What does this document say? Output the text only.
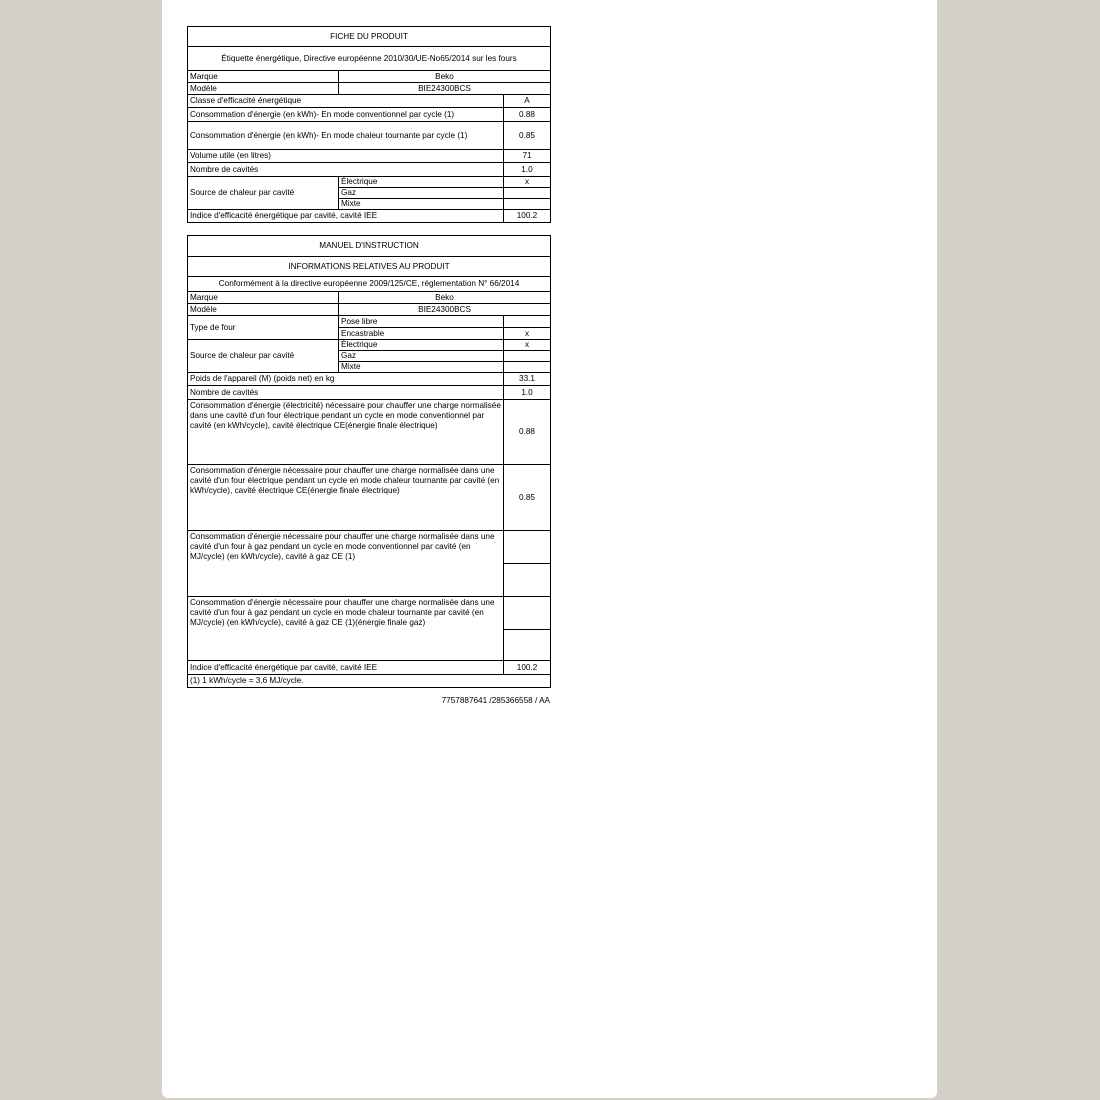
FICHE DU PRODUIT		
Étiquette énergétique, Directive européenne 2010/30/UE-No65/2014 sur les fours		
Marque	Beko	
Modèle	BIE24300BCS	
Classe d'efficacité énergétique		A
Consommation d'énergie (en kWh)- En mode conventionnel par cycle (1)		0.88
Consommation d'énergie (en kWh)- En mode chaleur tournante par cycle (1)		0.85
Volume utile (en litres)		71
Nombre de cavités		1.0
Source de chaleur par cavité	Électrique	x
	Gaz	
	Mixte	
Indice d'efficacité énergétique par cavité, cavité IEE		100.2
MANUEL D'INSTRUCTION		
INFORMATIONS RELATIVES AU PRODUIT		
Conformément à la directive européenne 2009/125/CE, réglementation N° 66/2014		
Marque	Beko	
Modèle	BIE24300BCS	
Type de four	Pose libre	
	Encastrable	x
Source de chaleur par cavité	Électrique	x
	Gaz	
	Mixte	
Poids de l'appareil (M) (poids net) en kg		33.1
Nombre de cavités		1.0
Consommation d'énergie (électricité) nécessaire pour chauffer une charge normalisée dans une cavité d'un four électrique pendant un cycle en mode conventionnel par cavité (en kWh/cycle), cavité électrique CE(énergie finale électrique)		0.88
Consommation d'énergie nécessaire pour chauffer une charge normalisée dans une cavité d'un four électrique pendant un cycle en mode chaleur tournante par cavité (en kWh/cycle), cavité électrique CE(énergie finale électrique)		0.85
Consommation d'énergie nécessaire pour chauffer une charge normalisée dans une cavité d'un four à gaz pendant un cycle en mode conventionnel par cavité (en MJ/cycle) (en kWh/cycle), cavité à gaz CE (1)		

Consommation d'énergie nécessaire pour chauffer une charge normalisée dans une cavité d'un four à gaz pendant un cycle en mode chaleur tournante par cavité (en MJ/cycle) (en kWh/cycle), cavité à gaz CE (1)(énergie finale gaz)		

Indice d'efficacité énergétique par cavité, cavité IEE		100.2
(1) 1 kWh/cycle = 3,6 MJ/cycle.		
7757887641 /285366558 / AA
